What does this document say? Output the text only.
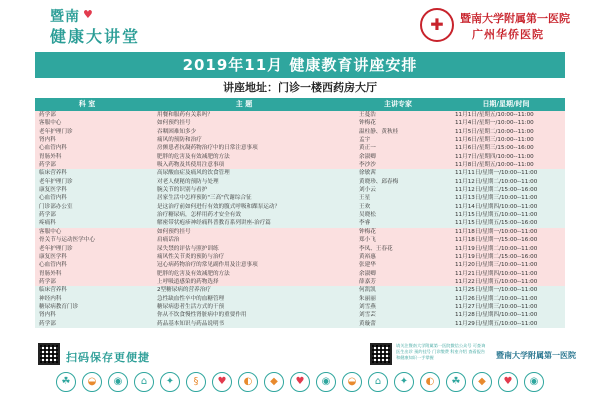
暨南
健康大讲堂
♥
✚	暨南大学附属第一医院
广州华侨医院
2019年11月 健康教育讲座安排
讲座地址：门诊一楼西药房大厅
科 室	主 题	主讲专家	日期/星期/时间
药学部	用餐和服药有关系吗？	王蔓浩	11月1日/星期五/10:00--11:00
客服中心	如何预约挂号	钟梅花	11月4日/星期一/10:00--11:00
老年护理门诊	吞咽困难知多少	温柱静、黄秋桂	11月5日/星期二/10:00--11:00
肾内科	痛风的预防和治疗	孟宇	11月6日/星期三/10:00--11:00
心血管内科	房颤患者抗凝药物治疗中的日常注意事项	黄正一	11月6日/星期三/15:00--16:00
胃肠外科	肥胖的危害及有效减肥的方法	余淑卿	11月7日/星期四/10:00--11:00
药学部	吸入药物及其使用注意事项	李沙沙	11月8日/星期五/10:00--11:00
临床营养科	高尿酸血症及痛风的饮食管理	徐敏茜	11月11日/星期一/10:00--11:00
老年护理门诊	对老人便秘的预防与处理	黄晓珍、邱春梅	11月12日/星期二/10:00--11:00
康复医学科	腕关节的识别与看护	刘小云	11月12日/星期二/15:00--16:00
心血管内科	居家生活中怎样预防"三高"代谢综合征	王星	11月13日/星期三/10:00--11:00
门诊部办公室	是这治疗前如何进行有效的腹式呼吸和踝泵运动？	王欢	11月14日/星期四/10:00--11:00
药学部	治疗糖尿病，怎样用药才安全有效	吴晓松	11月15日/星期五/10:00--11:00
疼痛科	解密带状疱疹神经痛科普教育系列讲座-治疗篇	李睿	11月15日/星期五/15:00--16:00
客服中心	如何预约挂号	钟梅花	11月18日/星期一/10:00--11:00
骨关节与运动医学中心	肩痛话治	郑小飞	11月18日/星期一/15:00--16:00
老年护理门诊	尿失禁的评估与照护训练	李凤、王春花	11月19日/星期二/10:00--11:00
康复医学科	痛风性关节炎的预防与治疗	黄裕惠	11月19日/星期二/15:00--16:00
心血管内科	冠心病药物治疗的常见副作用及注意事项	张建华	11月20日/星期三/10:00--11:00
胃肠外科	肥胖的危害及有效减肥的方法	余淑卿	11月21日/星期四/10:00--11:00
药学部	上呼吸道感染的药物选择	薛嘉芳	11月22日/星期五/10:00--11:00
临床营养科	2型糖尿病的营养治疗	何凯凯	11月25日/星期一/10:00--11:00
神经内科	急性缺血性卒中的血糖管理	朱丽丽	11月26日/星期二/10:00--11:00
糖尿病教育门诊	糖尿病患者生活方式的干预	刘雪燕	11月27日/星期三/10:00--11:00
肾内科	你从不饮食慢性肾脏病中的重要作用	刘雪芸	11月28日/星期四/10:00--11:00
药学部	药品基本知识与药品说明书	黄璇蕾	11月29日/星期五/10:00--11:00
扫码保存更便捷
请关注暨南大学附属第一医院微信公众号 可查询医生出诊 预约挂号 门诊缴费 科室介绍 查看报告 和健康知识一手掌握	暨南大学附属第一医院
☘	◒	◉	⌂	✦	§	♥	◐	◆	♥	◉	◒	⌂	✦	◐	☘	◆	♥	◉
